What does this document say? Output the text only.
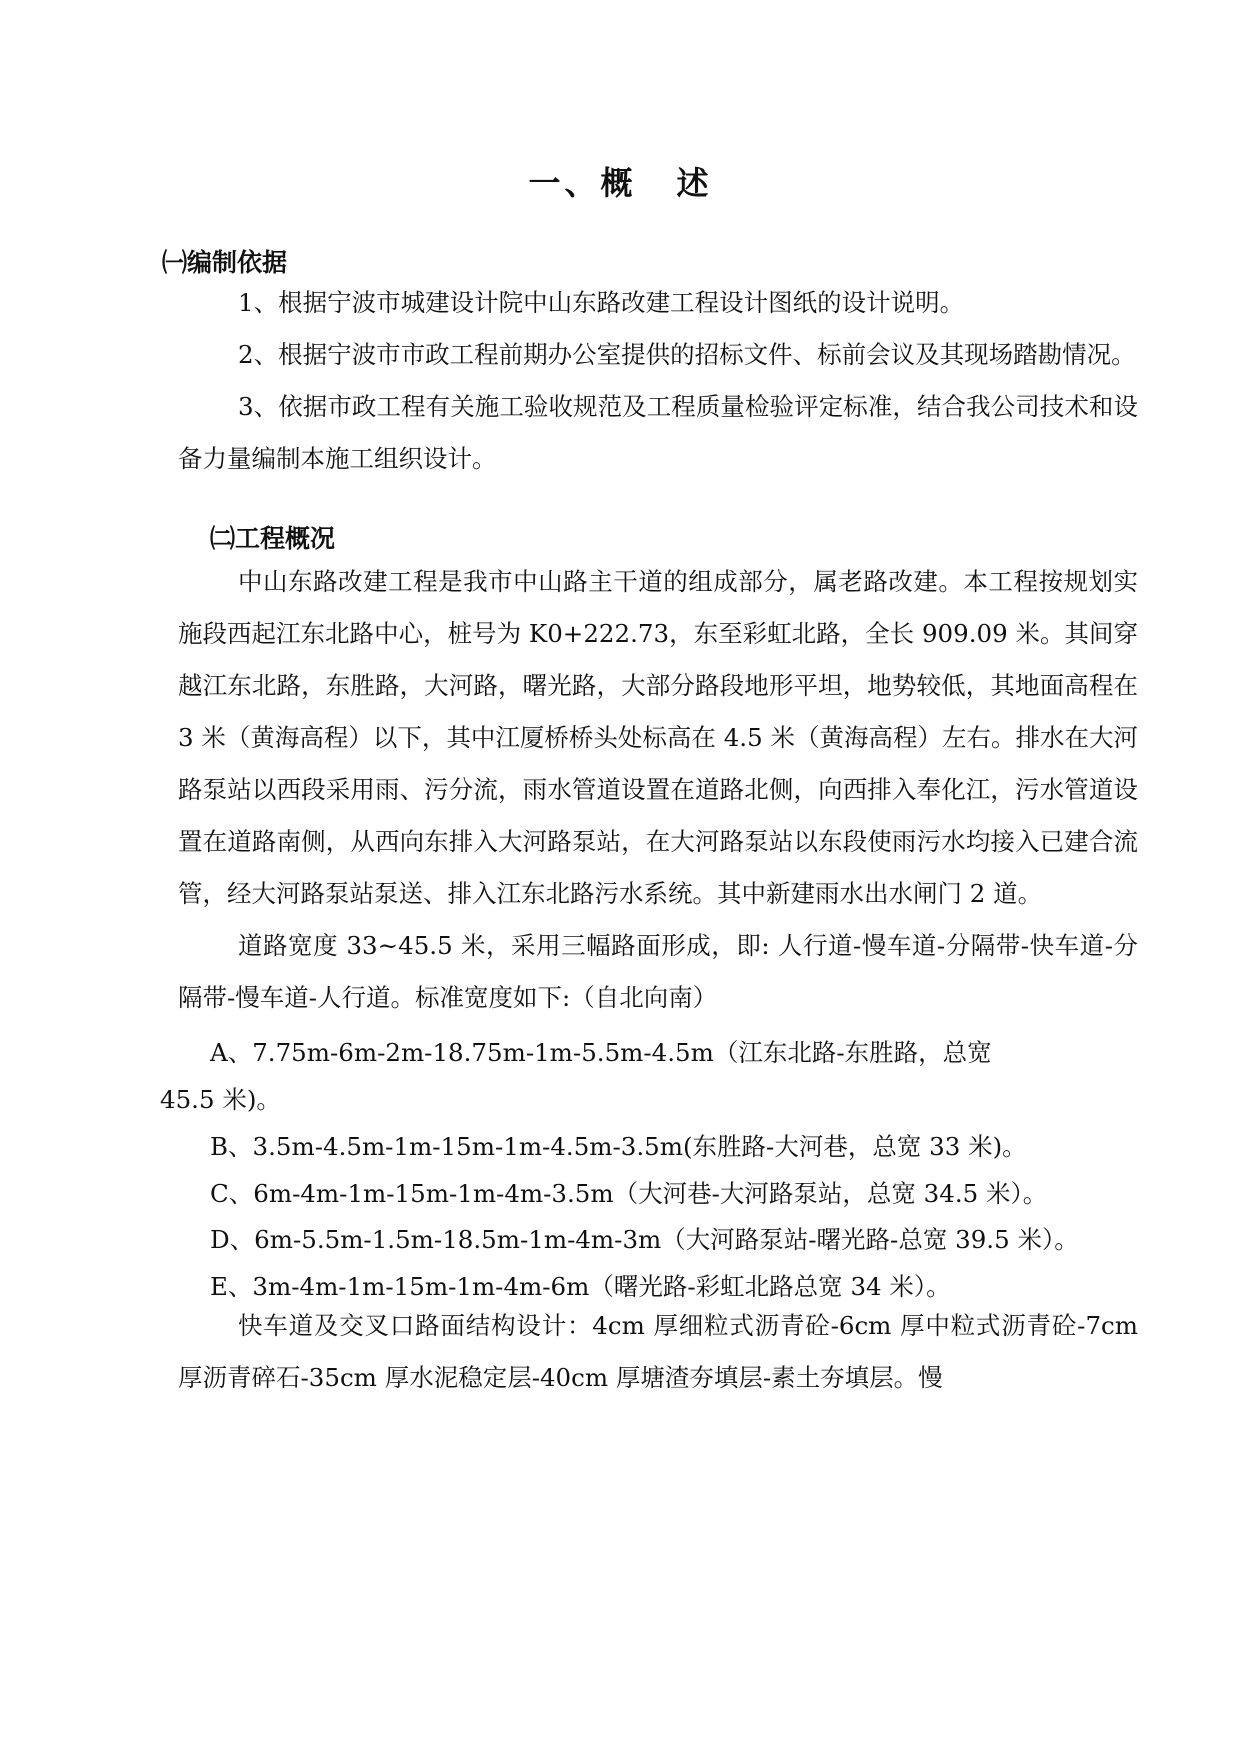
一、概 述
㈠编制依据

1、根据宁波市城建设计院中山东路改建工程设计图纸的设计说明。

2、根据宁波市市政工程前期办公室提供的招标文件、标前会议及其现场踏勘情况。

3、依据市政工程有关施工验收规范及工程质量检验评定标准，结合我公司技术和设备力量编制本施工组织设计。

㈡工程概况

中山东路改建工程是我市中山路主干道的组成部分，属老路改建。本工程按规划实施段西起江东北路中心，桩号为 K0+222.73，东至彩虹北路，全长 909.09 米。其间穿越江东北路，东胜路，大河路，曙光路，大部分路段地形平坦，地势较低，其地面高程在 3 米（黄海高程）以下，其中江厦桥桥头处标高在 4.5 米（黄海高程）左右。排水在大河路泵站以西段采用雨、污分流，雨水管道设置在道路北侧，向西排入奉化江，污水管道设置在道路南侧，从西向东排入大河路泵站，在大河路泵站以东段使雨污水均接入已建合流管，经大河路泵站泵送、排入江东北路污水系统。其中新建雨水出水闸门 2 道。

道路宽度 33~45.5 米，采用三幅路面形成，即: 人行道-慢车道-分隔带-快车道-分隔带-慢车道-人行道。标准宽度如下:（自北向南）

A、7.75m-6m-2m-18.75m-1m-5.5m-4.5m（江东北路-东胜路，总宽
45.5 米)。
B、3.5m-4.5m-1m-15m-1m-4.5m-3.5m(东胜路-大河巷，总宽 33 米)。
C、6m-4m-1m-15m-1m-4m-3.5m（大河巷-大河路泵站，总宽 34.5 米）。
D、6m-5.5m-1.5m-18.5m-1m-4m-3m（大河路泵站-曙光路-总宽 39.5 米）。
E、3m-4m-1m-15m-1m-4m-6m（曙光路-彩虹北路总宽 34 米）。

快车道及交叉口路面结构设计：4cm 厚细粒式沥青砼-6cm 厚中粒式沥青砼-7cm 厚沥青碎石-35cm 厚水泥稳定层-40cm 厚塘渣夯填层-素土夯填层。慢
